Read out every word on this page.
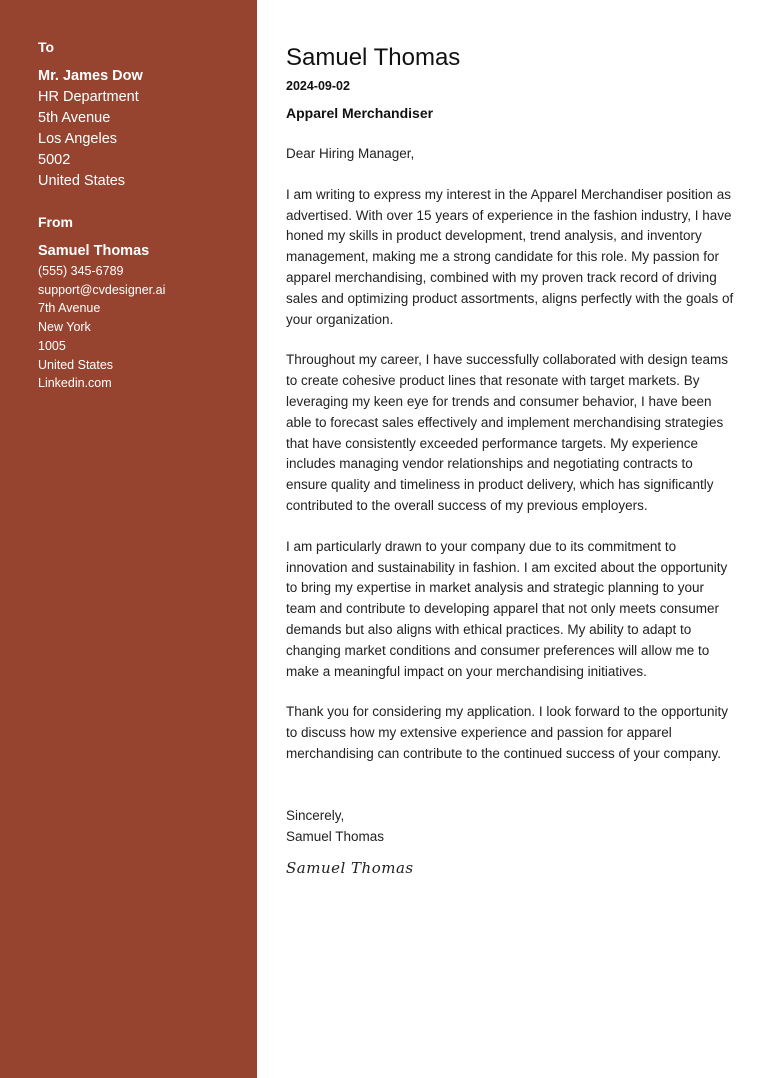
To
Mr. James Dow
HR Department
5th Avenue
Los Angeles
5002
United States
From
Samuel Thomas
(555) 345-6789
support@cvdesigner.ai
7th Avenue
New York
1005
United States
Linkedin.com
Samuel Thomas
2024-09-02
Apparel Merchandiser
Dear Hiring Manager,
I am writing to express my interest in the Apparel Merchandiser position as advertised. With over 15 years of experience in the fashion industry, I have honed my skills in product development, trend analysis, and inventory management, making me a strong candidate for this role. My passion for apparel merchandising, combined with my proven track record of driving sales and optimizing product assortments, aligns perfectly with the goals of your organization.
Throughout my career, I have successfully collaborated with design teams to create cohesive product lines that resonate with target markets. By leveraging my keen eye for trends and consumer behavior, I have been able to forecast sales effectively and implement merchandising strategies that have consistently exceeded performance targets. My experience includes managing vendor relationships and negotiating contracts to ensure quality and timeliness in product delivery, which has significantly contributed to the overall success of my previous employers.
I am particularly drawn to your company due to its commitment to innovation and sustainability in fashion. I am excited about the opportunity to bring my expertise in market analysis and strategic planning to your team and contribute to developing apparel that not only meets consumer demands but also aligns with ethical practices. My ability to adapt to changing market conditions and consumer preferences will allow me to make a meaningful impact on your merchandising initiatives.
Thank you for considering my application. I look forward to the opportunity to discuss how my extensive experience and passion for apparel merchandising can contribute to the continued success of your company.
Sincerely,
Samuel Thomas
Samuel Thomas
